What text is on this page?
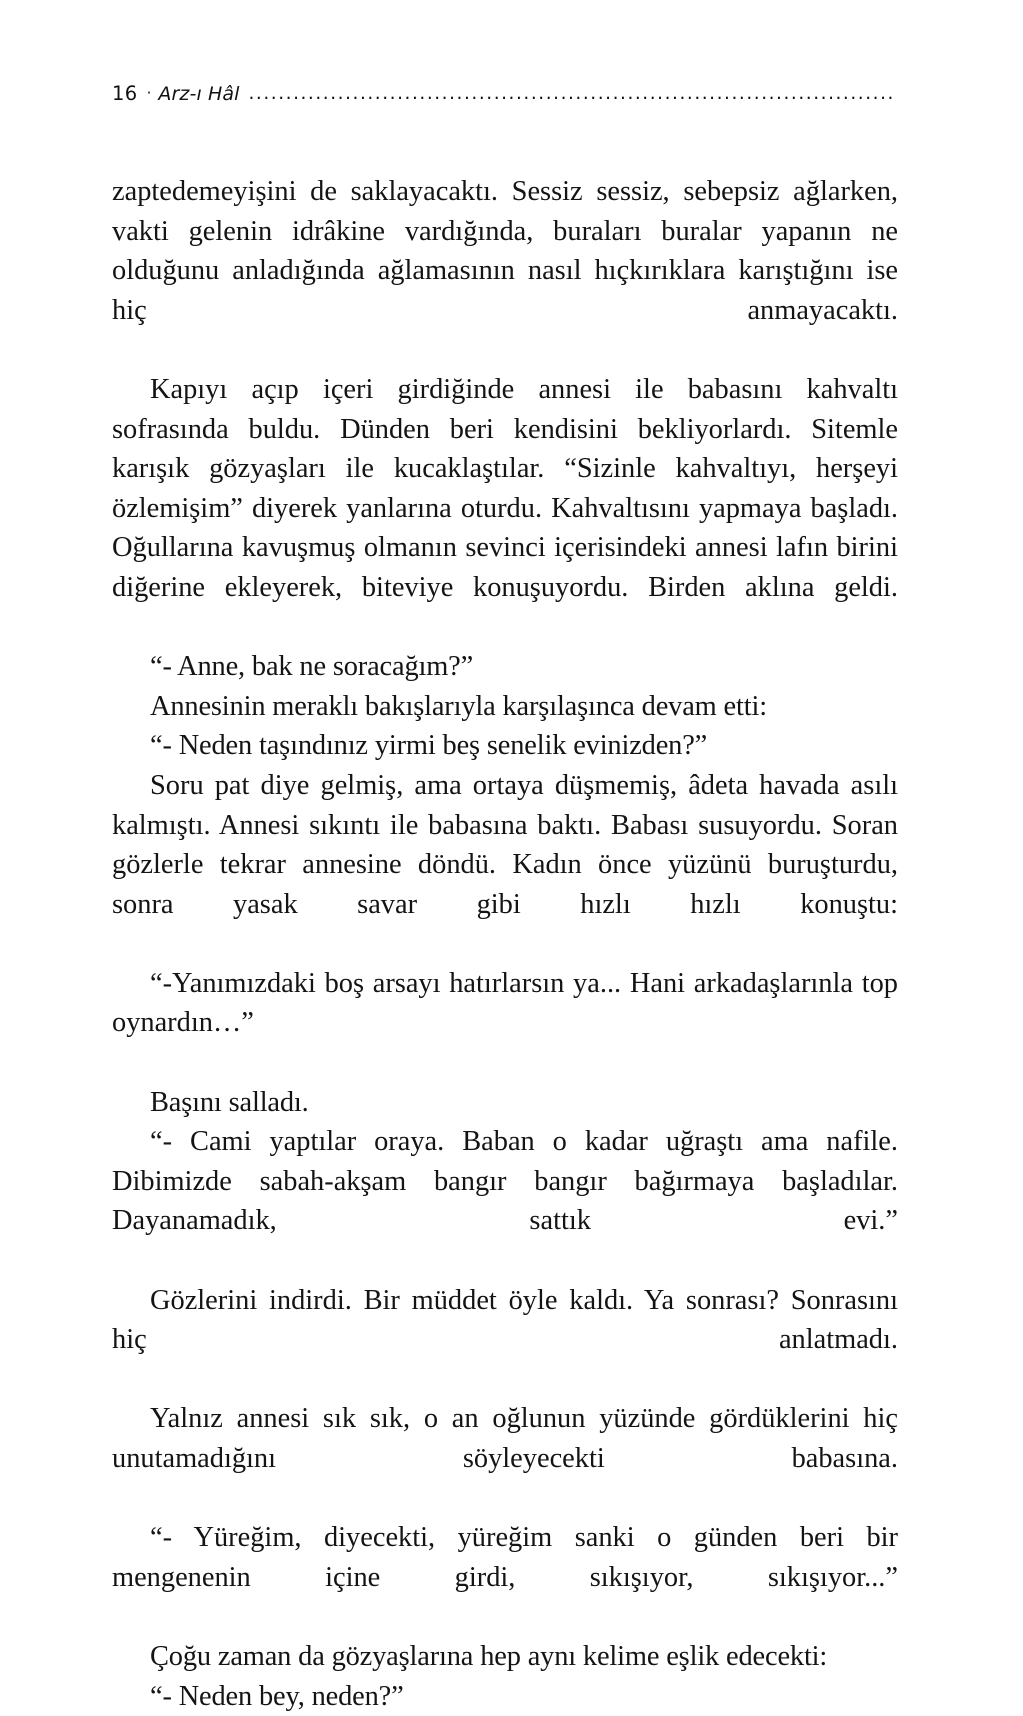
16 · Arz-ı Hâl .......................................................................................

zaptedemeyişini de saklayacaktı. Sessiz sessiz, sebepsiz ağlarken, vakti gelenin idrâkine vardığında, buraları buralar yapanın ne olduğunu anladığında ağlamasının nasıl hıçkırıklara karıştığını ise hiç anmayacaktı.

Kapıyı açıp içeri girdiğinde annesi ile babasını kahvaltı sofrasında buldu. Dünden beri kendisini bekliyorlardı. Sitemle karışık gözyaşları ile kucaklaştılar. “Sizinle kahvaltıyı, herşeyi özlemişim” diyerek yanlarına oturdu. Kahvaltısını yapmaya başladı. Oğullarına kavuşmuş olmanın sevinci içerisindeki annesi lafın birini diğerine ekleyerek, biteviye konuşuyordu. Birden aklına geldi.

“- Anne, bak ne soracağım?”

Annesinin meraklı bakışlarıyla karşılaşınca devam etti:

“- Neden taşındınız yirmi beş senelik evinizden?”

Soru pat diye gelmiş, ama ortaya düşmemiş, âdeta havada asılı kalmıştı. Annesi sıkıntı ile babasına baktı. Babası susuyordu. Soran gözlerle tekrar annesine döndü. Kadın önce yüzünü buruşturdu, sonra yasak savar gibi hızlı hızlı konuştu:

“-Yanımızdaki boş arsayı hatırlarsın ya... Hani arkadaşlarınla top oynardın…”

Başını salladı.

“- Cami yaptılar oraya. Baban o kadar uğraştı ama nafile. Dibimizde sabah-akşam bangır bangır bağırmaya başladılar. Dayanamadık, sattık evi.”

Gözlerini indirdi. Bir müddet öyle kaldı. Ya sonrası? Sonrasını hiç anlatmadı.

Yalnız annesi sık sık, o an oğlunun yüzünde gördüklerini hiç unutamadığını söyleyecekti babasına.

“- Yüreğim, diyecekti, yüreğim sanki o günden beri bir mengenenin içine girdi, sıkışıyor, sıkışıyor...”

Çoğu zaman da gözyaşlarına hep aynı kelime eşlik edecekti:

“- Neden bey, neden?”
